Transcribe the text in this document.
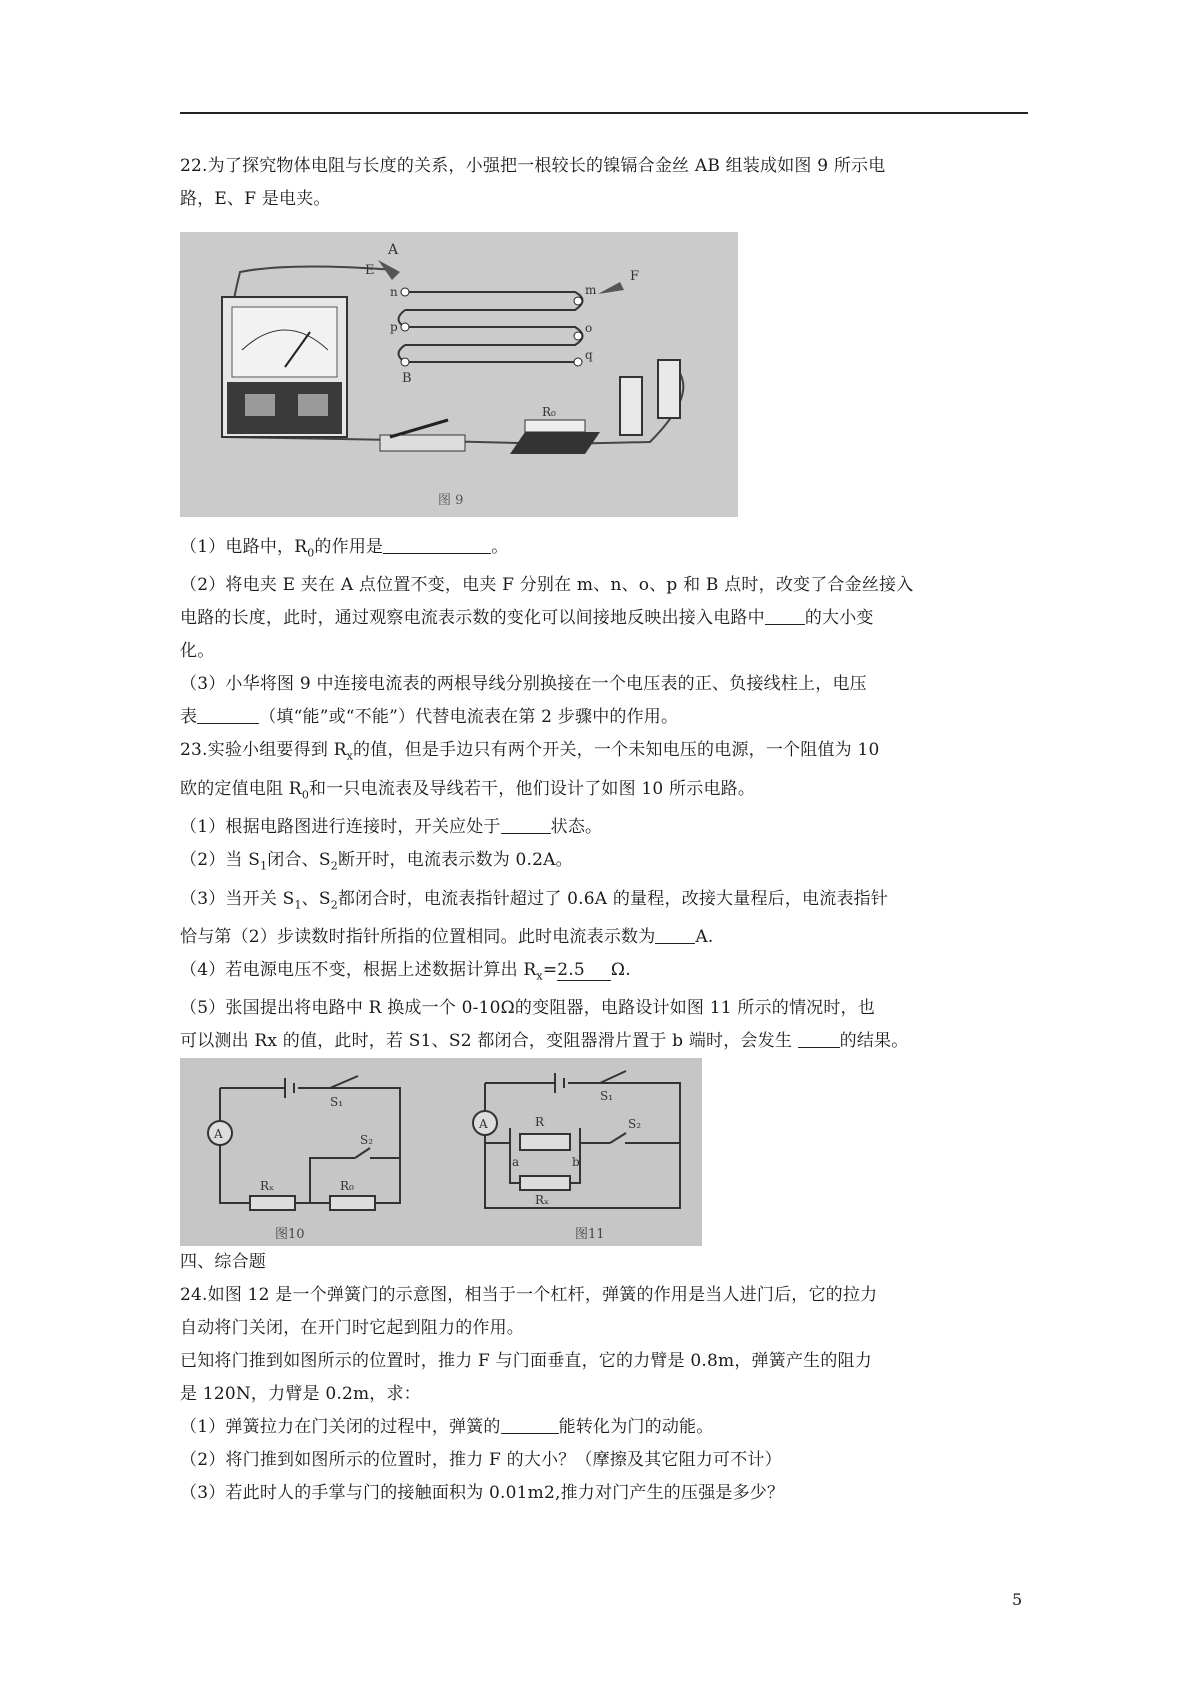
22.为了探究物体电阻与长度的关系，小强把一根较长的镍镉合金丝 AB 组装成如图 9 所示电
路，E、F 是电夹。
A
E	F
m
n
o
p
q
B
R₀
图 9
（1）电路中，$R_0$的作用是	。
（2）将电夹 E 夹在 A 点位置不变，电夹 F 分别在 m、n、o、p 和 B 点时，改变了合金丝接入
电路的长度，此时，通过观察电流表示数的变化可以间接地反映出接入电路中 的大小变
化。
（3）小华将图 9 中连接电流表的两根导线分别换接在一个电压表的正、负接线柱上，电压
表	（填“能”或“不能”）代替电流表在第 2 步骤中的作用。
23.实验小组要得到 $R_x$的值，但是手边只有两个开关，一个未知电压的电源，一个阻值为 10
欧的定值电阻 $R_0$和一只电流表及导线若干，他们设计了如图 10 所示电路。
（1）根据电路图进行连接时，开关应处于	状态。
（2）当 $S_1$闭合、$S_2$断开时，电流表示数为 0.2A。
（3）当开关 $S_1$、$S_2$都闭合时，电流表指针超过了 0.6A 的量程，改接大量程后，电流表指针
恰与第（2）步读数时指针所指的位置相同。此时电流表示数为 A.
（4）若电源电压不变，根据上述数据计算出 $R_x=2.5$ Ω.
（5）张国提出将电路中 R 换成一个 0-10Ω的变阻器，电路设计如图 11 所示的情况时，也
可以测出 Rx 的值，此时，若 S1、S2 都闭合，变阻器滑片置于 b 端时，会发生 的结果。
A
S₁
S₂
Rₓ	R₀
图10
A	R
a	b
Rₓ
S₁
S₂
图11
四、综合题
24.如图 12 是一个弹簧门的示意图，相当于一个杠杆，弹簧的作用是当人进门后，它的拉力
自动将门关闭，在开门时它起到阻力的作用。
已知将门推到如图所示的位置时，推力 F 与门面垂直，它的力臂是 0.8m，弹簧产生的阻力
是 120N，力臂是 0.2m，求：
（1）弹簧拉力在门关闭的过程中，弹簧的	能转化为门的动能。
（2）将门推到如图所示的位置时，推力 F 的大小？（摩擦及其它阻力可不计）
（3）若此时人的手掌与门的接触面积为 0.01m2,推力对门产生的压强是多少？
5
